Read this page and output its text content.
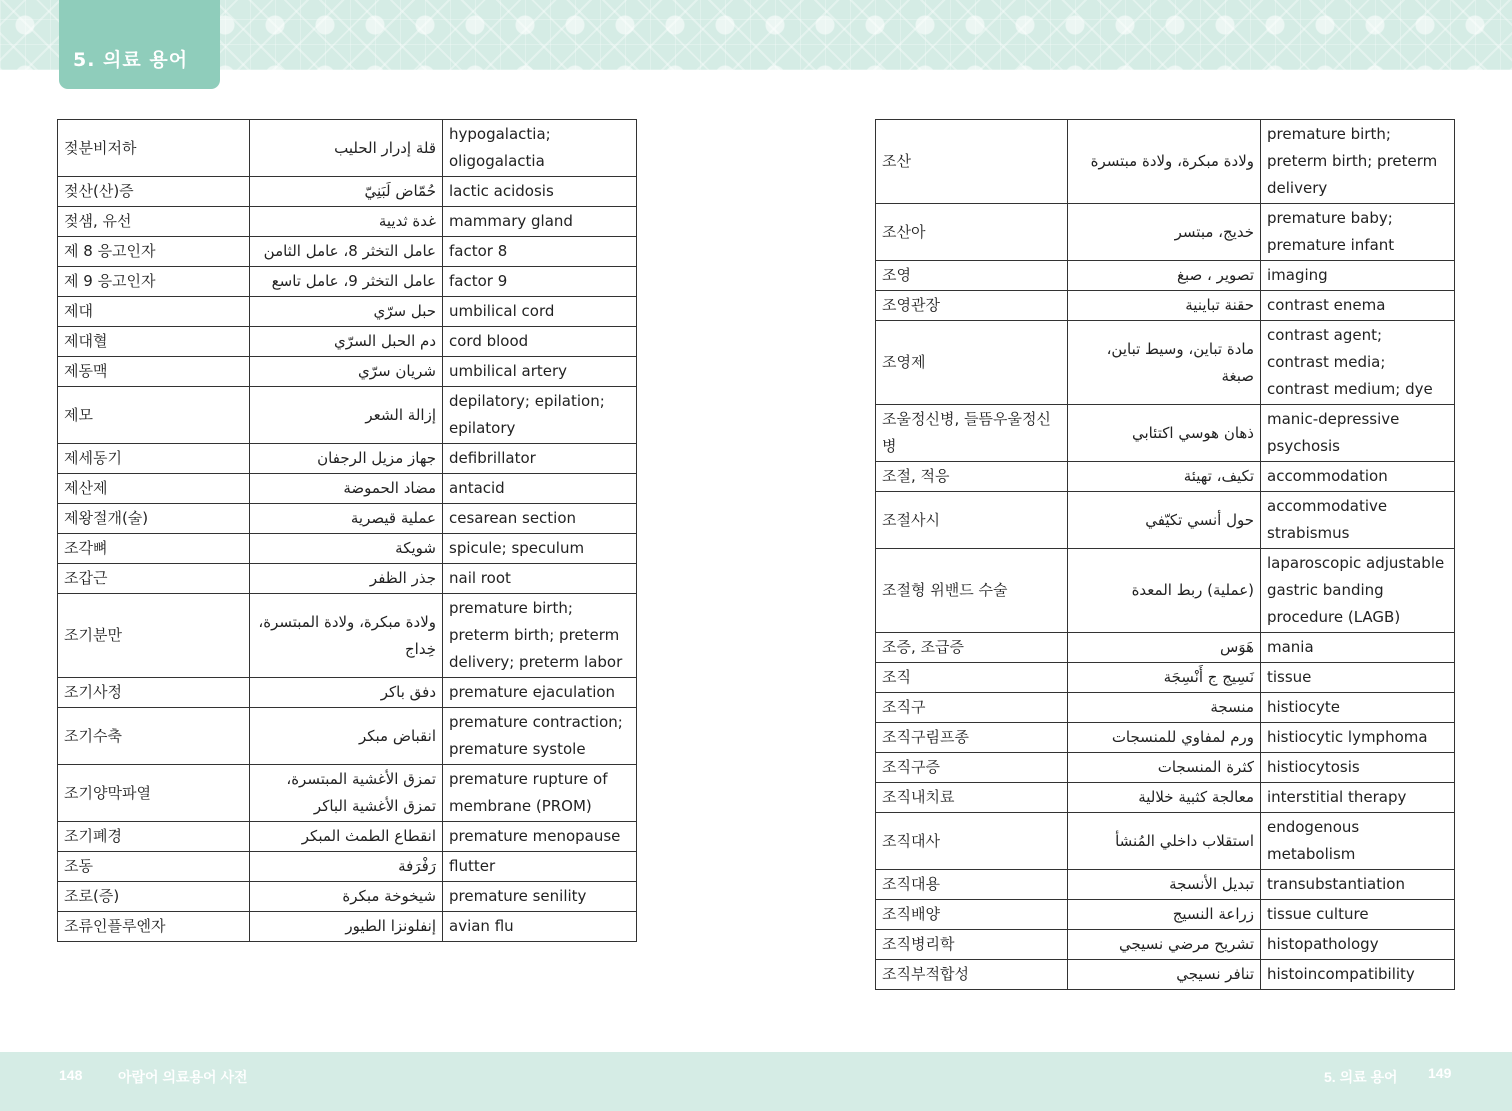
5. 의료 용어
젖분비저하	قلة إدرار الحليب	hypogalactia; oligogalactia
젖산(산)증	حُمّاض لَبَنِيّ	lactic acidosis
젖샘, 유선	غدة ثديية	mammary gland
제 8 응고인자	عامل التخثر 8، عامل الثامن	factor 8
제 9 응고인자	عامل التخثر 9، عامل تاسع	factor 9
제대	حبل سرّي	umbilical cord
제대혈	دم الحبل السرّي	cord blood
제동맥	شريان سرّي	umbilical artery
제모	إزالة الشعر	depilatory; epilation; epilatory
제세동기	جهاز مزيل الرجفان	defibrillator
제산제	مضاد الحموضة	antacid
제왕절개(술)	عملية قيصرية	cesarean section
조각뼈	شويكة	spicule; speculum
조갑근	جذر الظفر	nail root
조기분만	ولادة مبكرة، ولادة المبتسرة، خِداج	premature birth; preterm birth; preterm delivery; preterm labor
조기사정	دفق باكر	premature ejaculation
조기수축	انقباض مبكر	premature contraction; premature systole
조기양막파열	تمزق الأغشية المبتسرة، تمزق الأغشية الباكر	premature rupture of membrane (PROM)
조기폐경	انقطاع الطمث المبكر	premature menopause
조동	رَفْرَفة	flutter
조로(증)	شيخوخة مبكرة	premature senility
조류인플루엔자	إنفلونزا الطيور	avian flu
조산	ولادة مبكرة، ولادة مبتسرة	premature birth; preterm birth; preterm delivery
조산아	خديج، مبتسر	premature baby; premature infant
조영	تصوير ، صبغ	imaging
조영관장	حقنة تباينية	contrast enema
조영제	مادة تباين، وسيط تباين، صبغة	contrast agent; contrast media; contrast medium; dye
조울정신병, 들뜸우울정신병	ذهان هوسي اكتئابي	manic-depressive psychosis
조절, 적응	تكيف، تهيئة	accommodation
조절사시	حول أنسي تكيّفي	accommodative strabismus
조절형 위밴드 수술	(عملية) ربط المعدة	laparoscopic adjustable gastric banding procedure (LAGB)
조증, 조급증	هَوَس	mania
조직	نَسِيج ج أَنْسِجَة	tissue
조직구	منسجة	histiocyte
조직구림프종	ورم لمفاوي للمنسجات	histiocytic lymphoma
조직구증	كثرة المنسجات	histiocytosis
조직내치료	معالجة كثبية خلالية	interstitial therapy
조직대사	استقلاب داخلي المُنشأ	endogenous metabolism
조직대용	تبديل الأنسجة	transubstantiation
조직배양	زراعة النسيج	tissue culture
조직병리학	تشريح مرضي نسيجي	histopathology
조직부적합성	تنافر نسيجي	histoincompatibility
148	아랍어 의료용어 사전	5. 의료 용어 149
